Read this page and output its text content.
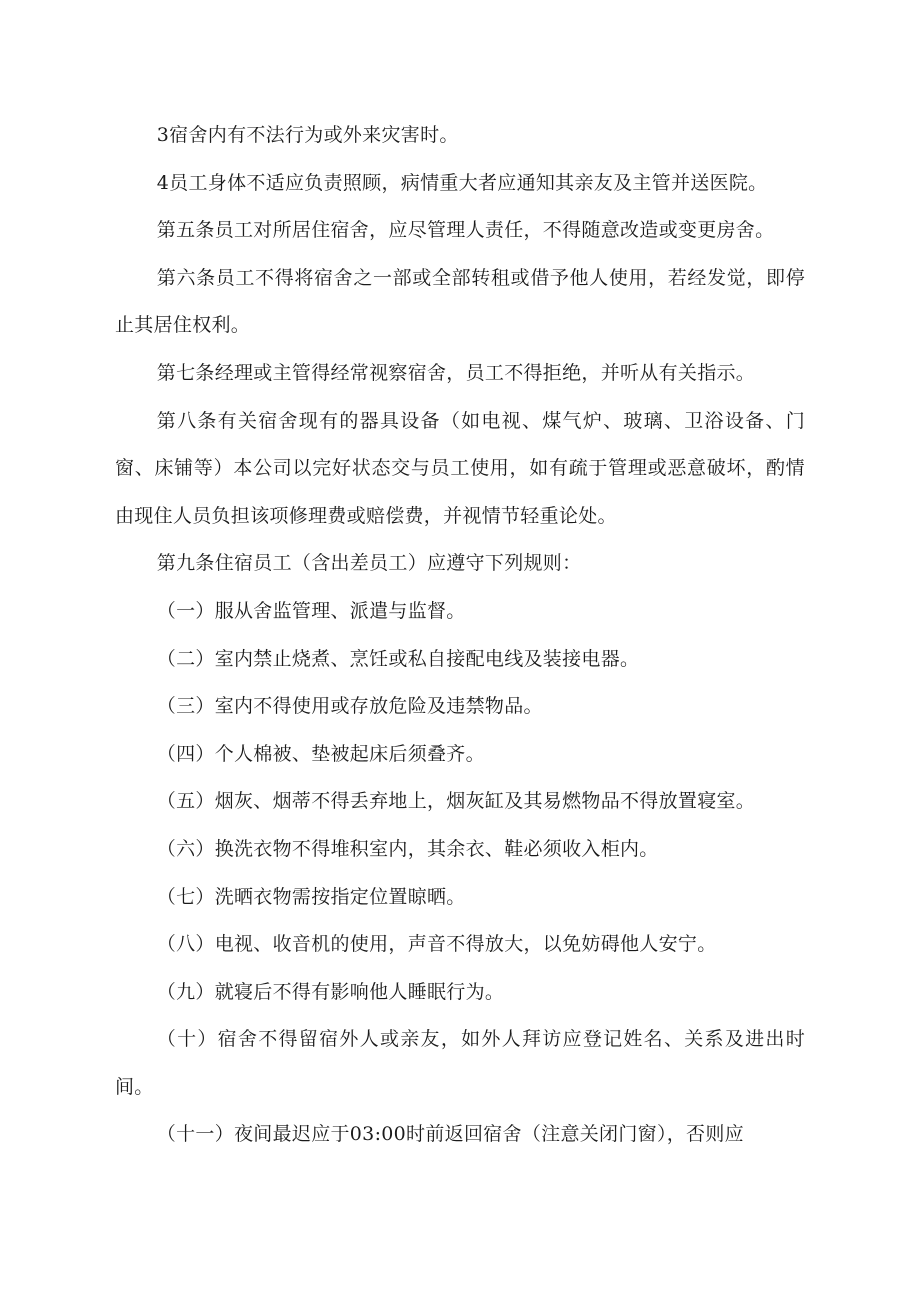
3宿舍内有不法行为或外来灾害时。

4员工身体不适应负责照顾，病情重大者应通知其亲友及主管并送医院。

第五条员工对所居住宿舍，应尽管理人责任，不得随意改造或变更房舍。

第六条员工不得将宿舍之一部或全部转租或借予他人使用，若经发觉，即停止其居住权利。

第七条经理或主管得经常视察宿舍，员工不得拒绝，并听从有关指示。

第八条有关宿舍现有的器具设备（如电视、煤气炉、玻璃、卫浴设备、门窗、床铺等）本公司以完好状态交与员工使用，如有疏于管理或恶意破坏，酌情由现住人员负担该项修理费或赔偿费，并视情节轻重论处。

第九条住宿员工（含出差员工）应遵守下列规则：

（一）服从舍监管理、派遣与监督。

（二）室内禁止烧煮、烹饪或私自接配电线及装接电器。

（三）室内不得使用或存放危险及违禁物品。

（四）个人棉被、垫被起床后须叠齐。

（五）烟灰、烟蒂不得丢弃地上，烟灰缸及其易燃物品不得放置寝室。

（六）换洗衣物不得堆积室内，其余衣、鞋必须收入柜内。

（七）洗晒衣物需按指定位置晾晒。

（八）电视、收音机的使用，声音不得放大，以免妨碍他人安宁。

（九）就寝后不得有影响他人睡眠行为。

（十）宿舍不得留宿外人或亲友，如外人拜访应登记姓名、关系及进出时间。

（十一）夜间最迟应于03:00时前返回宿舍（注意关闭门窗），否则应
